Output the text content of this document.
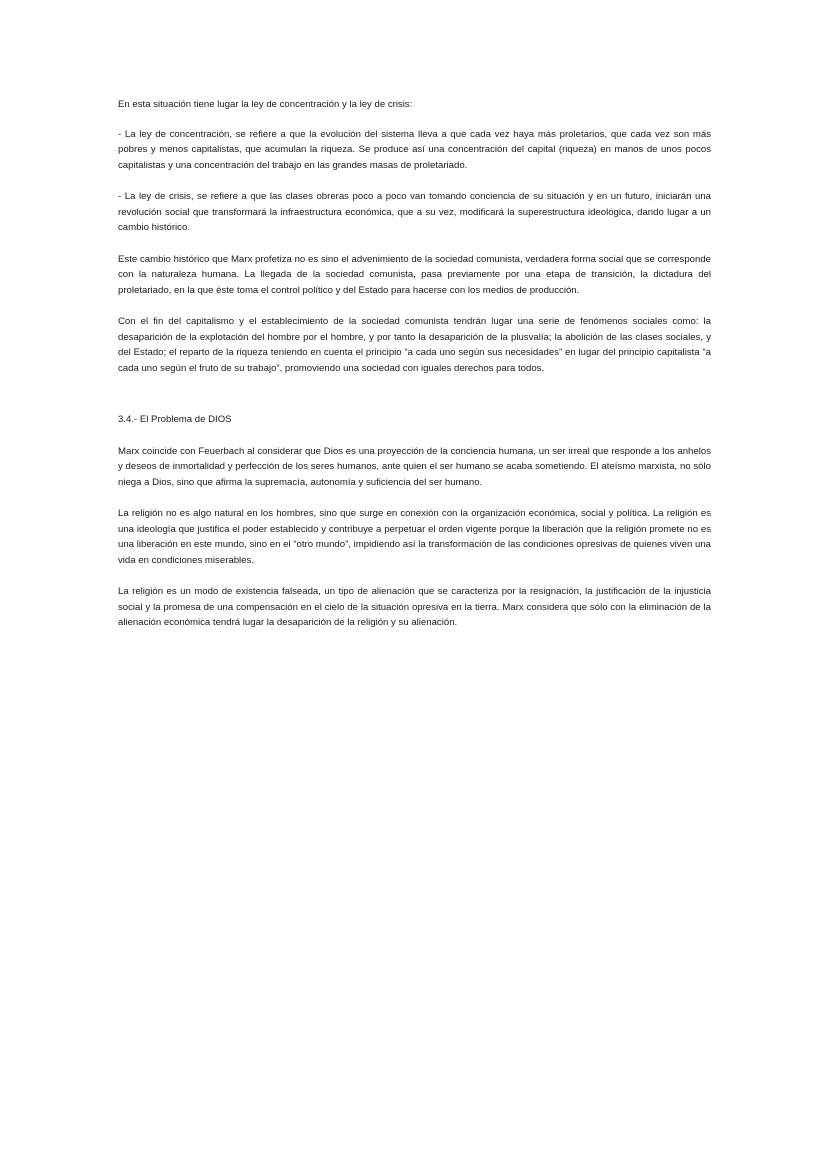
En esta situación tiene lugar la ley de concentración y la ley de crisis:

- La ley de concentración, se refiere a que la evolución del sistema lleva a que cada vez haya más proletarios, que cada vez son más pobres y menos capitalistas, que acumulan la riqueza. Se produce así una concentración del capital (riqueza) en manos de unos pocos capitalistas y una concentración del trabajo en las grandes masas de proletariado.

- La ley de crisis, se refiere a que las clases obreras poco a poco van tomando conciencia de su situación y en un futuro, iniciarán una revolución social que transformará la infraestructura económica, que a su vez, modificará la superestructura ideológica, dando lugar a un cambio histórico.

Este cambio histórico que Marx profetiza no es sino el advenimiento de la sociedad comunista, verdadera forma social que se corresponde con la naturaleza humana. La llegada de la sociedad comunista, pasa previamente por una etapa de transición, la dictadura del proletariado, en la que éste toma el control político y del Estado para hacerse con los medios de producción.

Con el fin del capitalismo y el establecimiento de la sociedad comunista tendrán lugar una serie de fenómenos sociales como: la desaparición de la explotación del hombre por el hombre, y por tanto la desaparición de la plusvalía; la abolición de las clases sociales, y del Estado; el reparto de la riqueza teniendo en cuenta el principio “a cada uno según sus necesidades” en lugar del principio capitalista “a cada uno según el fruto de su trabajo”, promoviendo una sociedad con iguales derechos para todos.

3.4.- El Problema de DIOS

Marx coincide con Feuerbach al considerar que Dios es una proyección de la conciencia humana, un ser irreal que responde a los anhelos y deseos de inmortalidad y perfección de los seres humanos, ante quien el ser humano se acaba sometiendo. El ateísmo marxista, no sólo niega a Dios, sino que afirma la supremacía, autonomía y suficiencia del ser humano.

La religión no es algo natural en los hombres, sino que surge en conexión con la organización económica, social y política. La religión es una ideología que justifica el poder establecido y contribuye a perpetuar el orden vigente porque la liberación que la religión promete no es una liberación en este mundo, sino en el “otro mundo”, impidiendo así la transformación de las condiciones opresivas de quienes viven una vida en condiciones miserables.

La religión es un modo de existencia falseada, un tipo de alienación que se caracteriza por la resignación, la justificación de la injusticia social y la promesa de una compensación en el cielo de la situación opresiva en la tierra. Marx considera que sólo con la eliminación de la alienación económica tendrá lugar la desaparición de la religión y su alienación.
